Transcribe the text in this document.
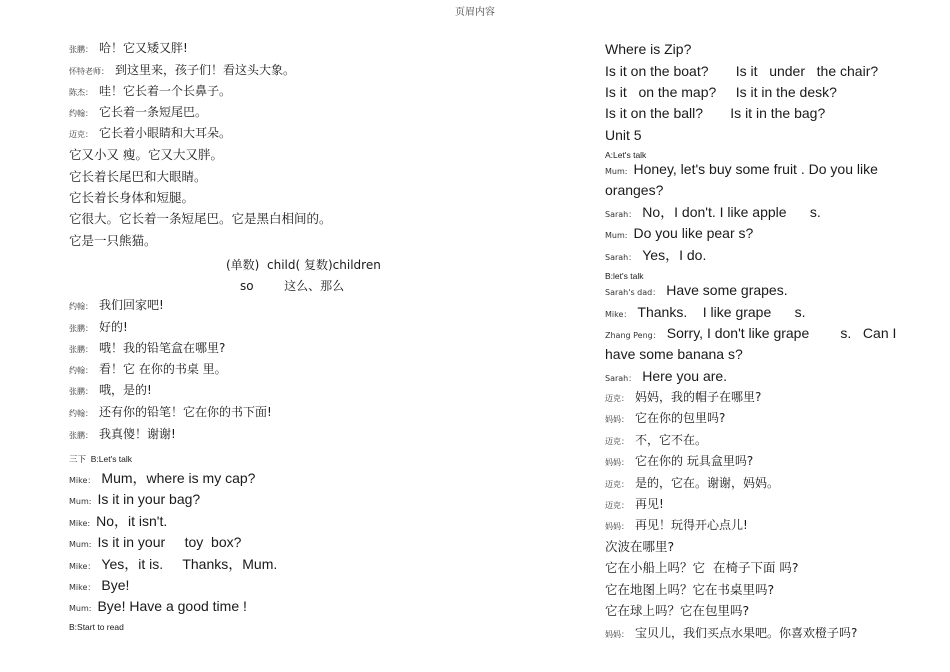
页眉内容
张鹏： 哈！它又矮又胖!
怀特老师： 到这里来，孩子们！看这头大象。
陈杰： 哇！它长着一个长鼻子。
约翰： 它长着一条短尾巴。
迈克： 它长着小眼睛和大耳朵。
它又小又 瘦。它又大又胖。
它长着长尾巴和大眼睛。
它长着长身体和短腿。
它很大。它长着一条短尾巴。它是黑白相间的。
它是一只熊猫。
(单数)  child( 复数)children
so        这么、那么
约翰： 我们回家吧!
张鹏： 好的!
张鹏： 哦！我的铅笔盒在哪里?
约翰： 看！它 在你的书桌 里。
张鹏： 哦，是的!
约翰： 还有你的铅笔！它在你的书下面!
张鹏： 我真傻！谢谢!
三下  B:Let's talk
Mike： Mum，where is my cap?
Mum: Is it in your bag?
Mike: No，it isn't.
Mum: Is it in your     toy  box?
Mike： Yes，it is.     Thanks，Mum.
Mike： Bye!
Mum: Bye! Have a good time !
B:Start to read
Where is Zip?
Is it on the boat?       Is it   under   the chair?
Is it   on the map?     Is it in the desk?
Is it on the ball?       Is it in the bag?
Unit 5
A:Let's talk
Mum: Honey, let's buy some fruit . Do you like
oranges?
Sarah： No，I don't. I like apple      s.
Mum: Do you like pear s?
Sarah： Yes，I do.
B:let's talk
Sarah's dad： Have some grapes.
Mike： Thanks.    I like grape      s.
Zhang Peng： Sorry, I don't like grape        s.   Can I
have some banana s?
Sarah： Here you are.
迈克： 妈妈，我的帽子在哪里?
妈妈： 它在你的包里吗?
迈克： 不，它不在。
妈妈： 它在你的 玩具盒里吗?
迈克： 是的，它在。谢谢，妈妈。
迈克： 再见!
妈妈： 再见！玩得开心点儿!
次波在哪里?
它在小船上吗？它  在椅子下面 吗?
它在地图上吗？它在书桌里吗?
它在球上吗？它在包里吗?
妈妈： 宝贝儿，我们买点水果吧。你喜欢橙子吗?
